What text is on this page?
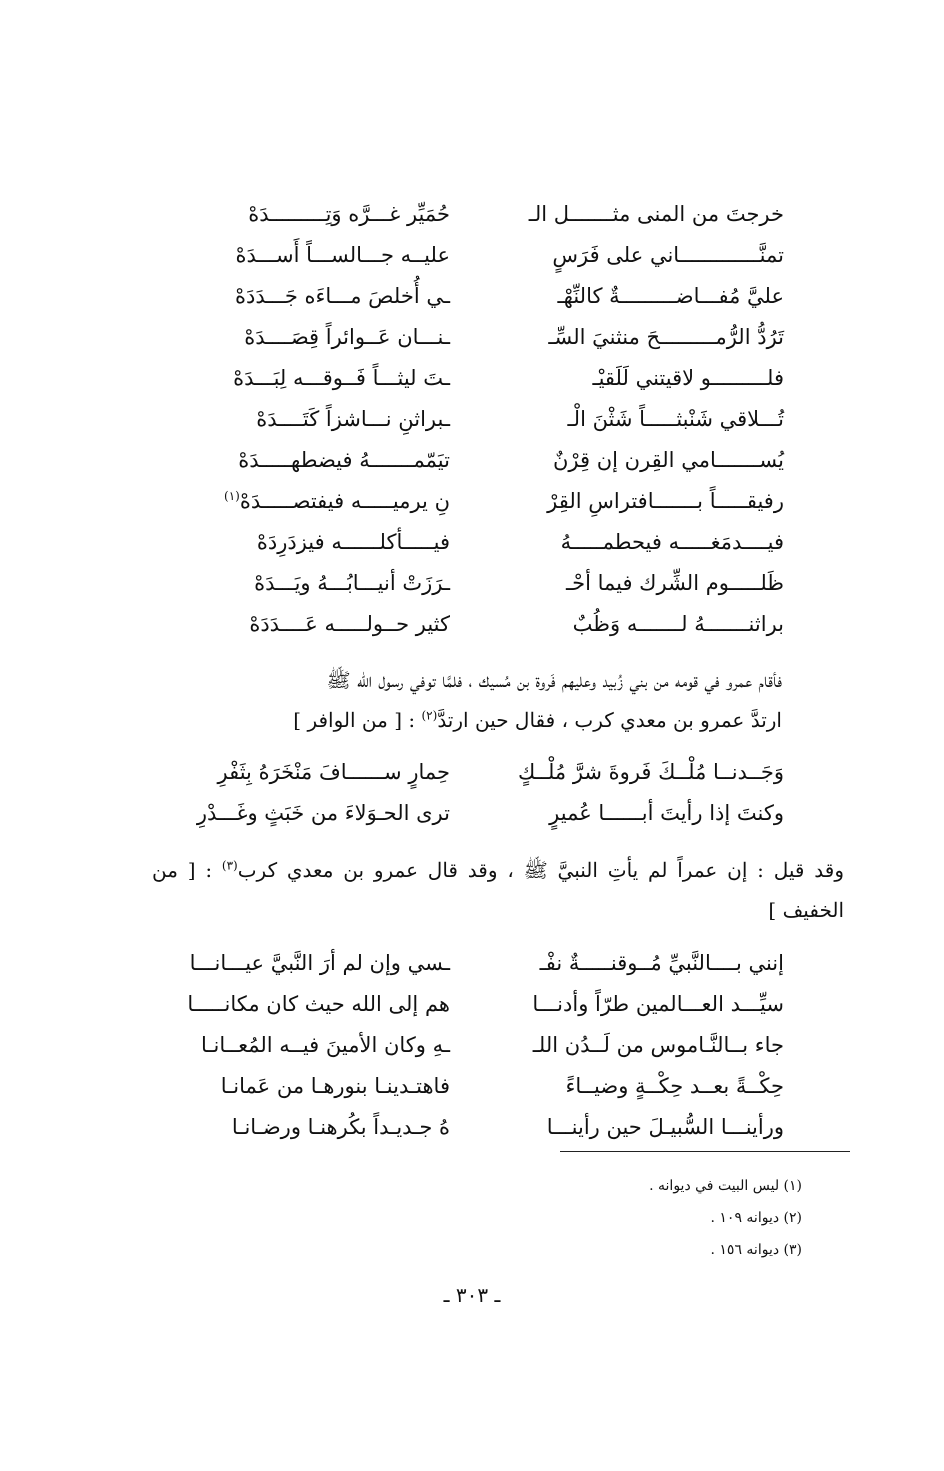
خرجتَ من المنى مثـــــــل الـ
حُمَيِّر غـــرَّه وَتِـــــــــدَهْ
تمنَّـــــــــــــاني على فَرَسٍ
عليــه جـــالســـاً أَســـدَهْ
عليَّ مُفـــاضـــــــــةٌ كالنِّهْـ
ـي أُخلصَ مـــاءَه جَـــدَدَهْ
تَرُدُّ الرُّمـــــــــحَ منثنيَ السِّـ
ـنـــان عَــوائراً قِصَــــدَهْ
فلـــــــــو لاقيتني لَلَقيْـ
ـتَ ليثـــاً فَــوقـــه لِبَـــدَهْ
تُـــلاقي شَنْبثـــــاً شَثْنَ الْـ
ـبراثنِ نـــاشزاً كَتَــــدَهْ
يُســـــــامي القِرن إن قِرْنٌ
تيَمّمـــــــهُ فيضطهـــــدَهْ
رفيقـــــاً بـــــــافتراسِ القِرْ
نِ يرميـــــه فيفتصـــــدَهْ$^{(١)}$
فيــــدمَغـــــه فيحطمـــــهُ
فيـــــأكلــــــه فيزدَرِدَهْ
ظَلـــــوم الشِّرك فيما أحْـ
ـرَزَتْ أنيـــابُـــهُ ويَـــدَهْ
براثنـــــــهُ لـــــــه وَظُبٌ
كثير حــولـــــه عَــــدَدَهْ
فأقام عمرو في قومه من بني زُبيد وعليهم فَروة بن مُسيك ، فلمَّا توفي رسول الله ﷺ
ارتدَّ عمرو بن معدي كرب ، فقال حين ارتدَّ$^{(٢)}$ : [ من الوافر ]
وَجَــدنــا مُلْــكَ فَروةَ شرَّ مُلْــكٍ
حِمارٍ ســــــافَ مَنْخَرَهُ بِثَفْرِ
وكنتَ إذا رأيتَ أبــــــا عُميرٍ
ترى الحـوَلاءَ من خَبَثٍ وغَـــدْرِ
وقد قيل : إن عمراً لم يأتِ النبيَّ ﷺ ، وقد قال عمرو بن معدي كرب$^{(٣)}$ : [ من الخفيف ]
إنني بــــالنَّبيِّ مُــوقنـــــةٌ نفْـ
ـسي وإن لم أرَ النَّبيَّ عيـــانـــا
سيِّـــد العـــالمين طرّاً وأدنـــا
هم إلى الله حيث كان مكانـــــا
جاء بــالنَّـاموس من لَــدُن اللـ
ـهِ وكان الأمينَ فيــه المُعــانـا
حِكْــةً بعــد حِكْــةٍ وضيــاءً
فاهتـدينـا بنورهـا من عَمانـا
ورأينـــا السُّبيـلَ حين رأينـــا
هُ جـديـداً بكُرهنـا ورضـانـا
(١) ليس البيت في ديوانه .
(٢) ديوانه ١٠٩ .
(٣) ديوانه ١٥٦ .
ـ ٣٠٣ ـ
